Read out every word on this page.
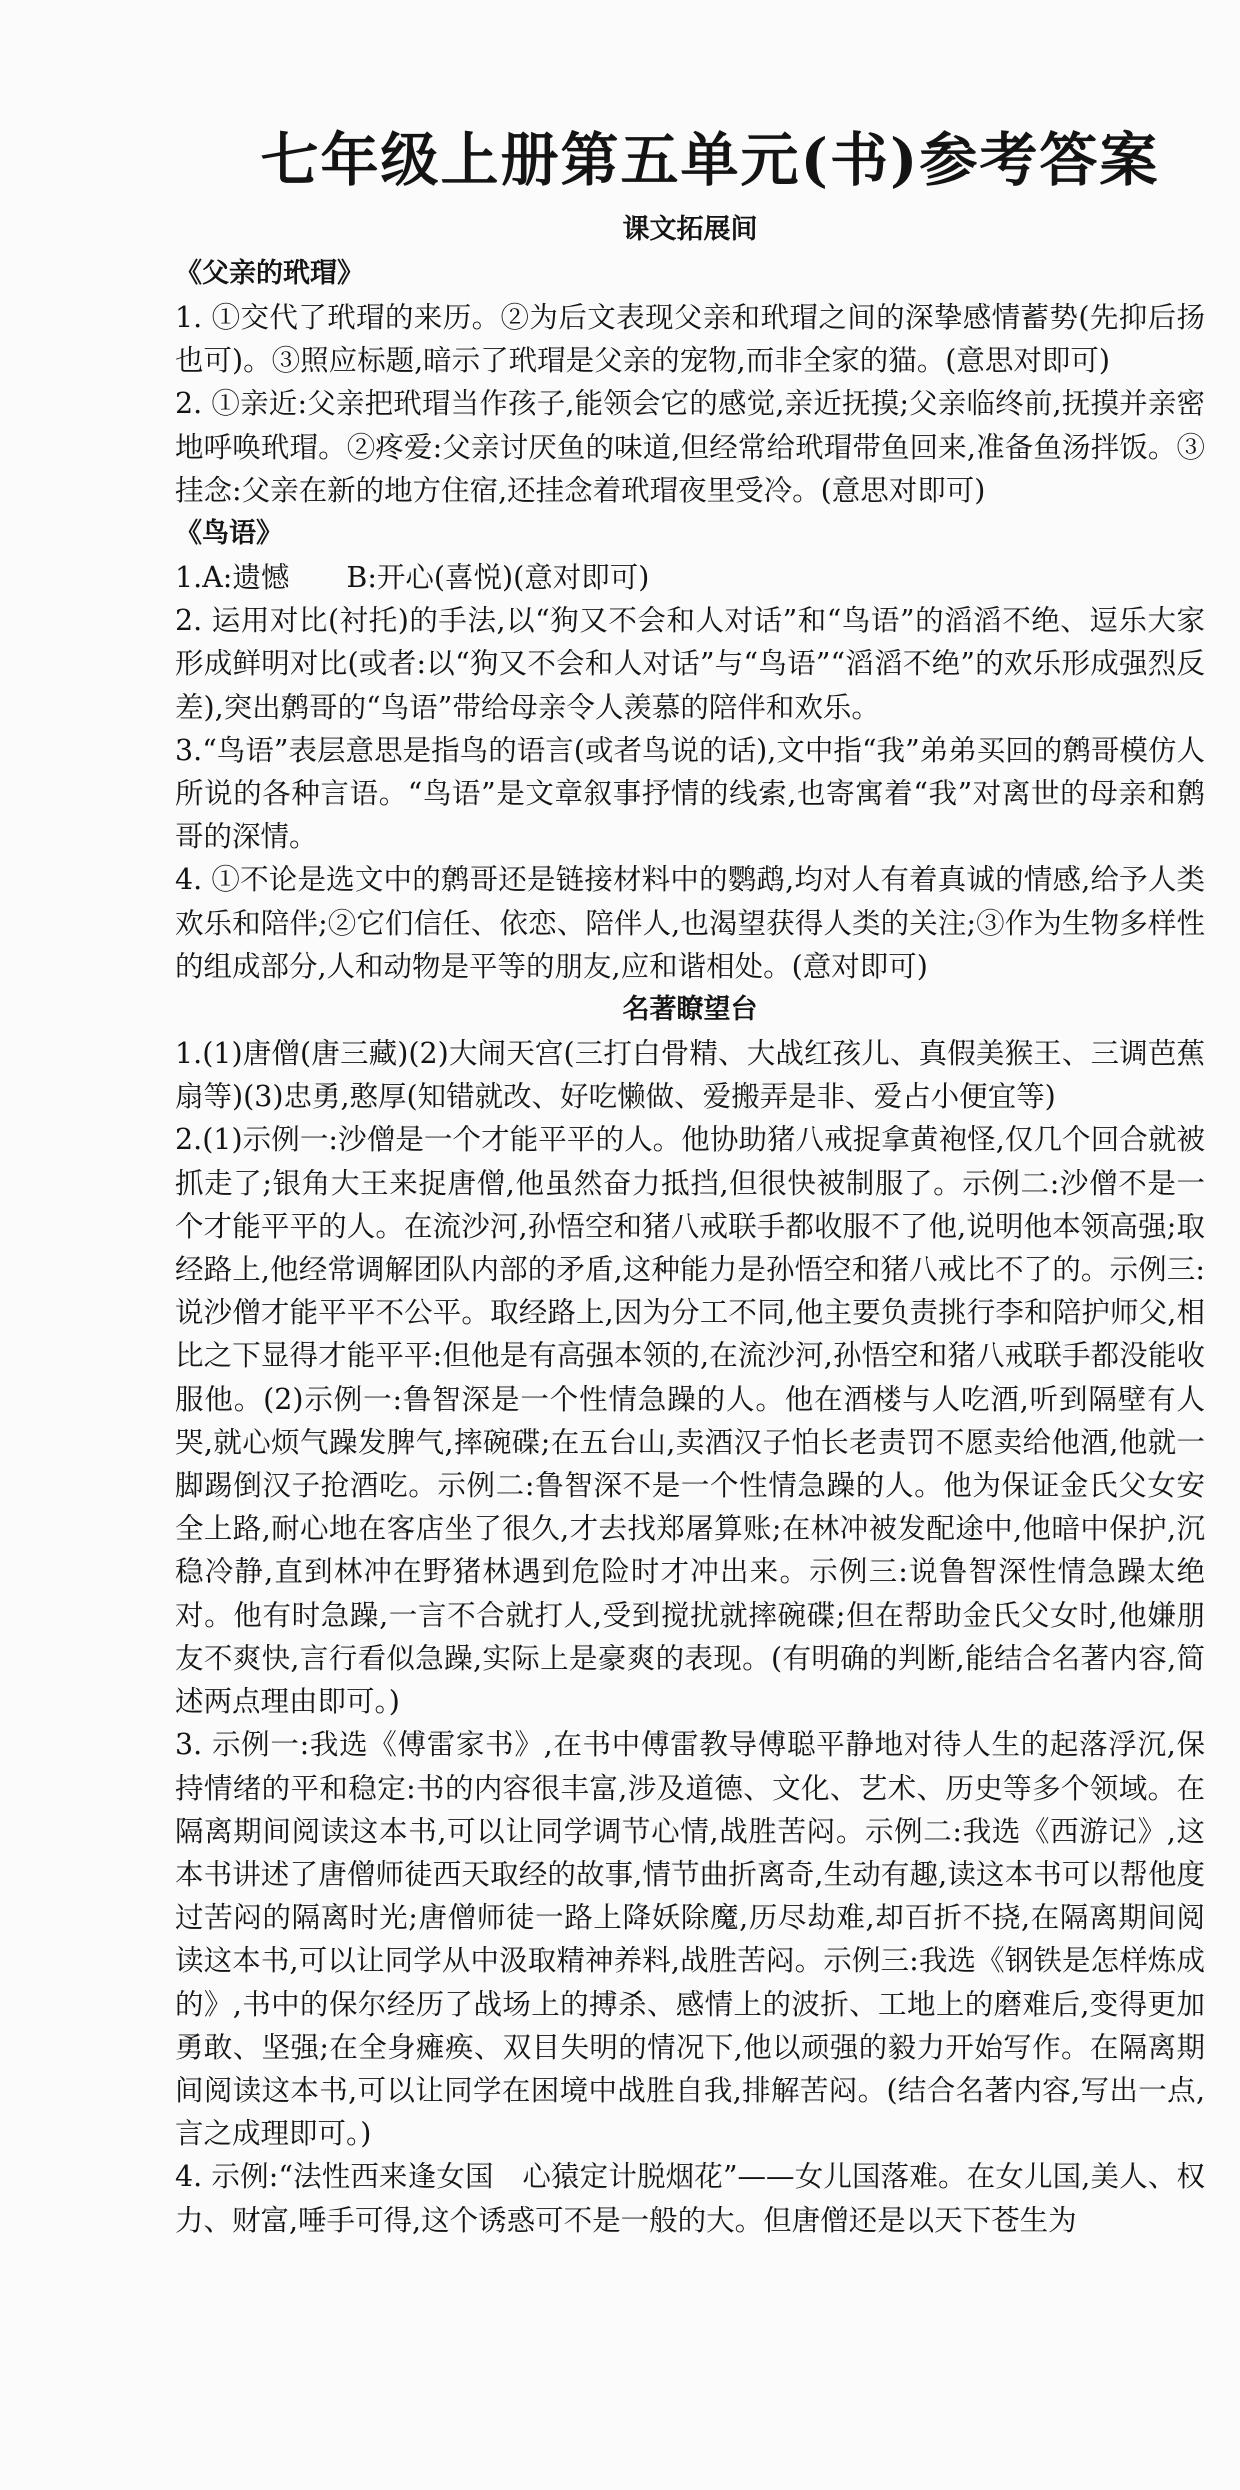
七年级上册第五单元(书)参考答案
课文拓展间
《父亲的玳瑁》

1. ①交代了玳瑁的来历。②为后文表现父亲和玳瑁之间的深挚感情蓄势(先抑后扬也可)。③照应标题,暗示了玳瑁是父亲的宠物,而非全家的猫。(意思对即可)

2. ①亲近:父亲把玳瑁当作孩子,能领会它的感觉,亲近抚摸;父亲临终前,抚摸并亲密地呼唤玳瑁。②疼爱:父亲讨厌鱼的味道,但经常给玳瑁带鱼回来,准备鱼汤拌饭。③挂念:父亲在新的地方住宿,还挂念着玳瑁夜里受冷。(意思对即可)

《鸟语》

1.A:遗憾　　B:开心(喜悦)(意对即可)

2. 运用对比(衬托)的手法,以“狗又不会和人对话”和“鸟语”的滔滔不绝、逗乐大家形成鲜明对比(或者:以“狗又不会和人对话”与“鸟语”“滔滔不绝”的欢乐形成强烈反差),突出鹩哥的“鸟语”带给母亲令人羡慕的陪伴和欢乐。

3.“鸟语”表层意思是指鸟的语言(或者鸟说的话),文中指“我”弟弟买回的鹩哥模仿人所说的各种言语。“鸟语”是文章叙事抒情的线索,也寄寓着“我”对离世的母亲和鹩哥的深情。

4. ①不论是选文中的鹩哥还是链接材料中的鹦鹉,均对人有着真诚的情感,给予人类欢乐和陪伴;②它们信任、依恋、陪伴人,也渴望获得人类的关注;③作为生物多样性的组成部分,人和动物是平等的朋友,应和谐相处。(意对即可)

名著瞭望台

1.(1)唐僧(唐三藏)(2)大闹天宫(三打白骨精、大战红孩儿、真假美猴王、三调芭蕉扇等)(3)忠勇,憨厚(知错就改、好吃懒做、爱搬弄是非、爱占小便宜等)

2.(1)示例一:沙僧是一个才能平平的人。他协助猪八戒捉拿黄袍怪,仅几个回合就被抓走了;银角大王来捉唐僧,他虽然奋力抵挡,但很快被制服了。示例二:沙僧不是一个才能平平的人。在流沙河,孙悟空和猪八戒联手都收服不了他,说明他本领高强;取经路上,他经常调解团队内部的矛盾,这种能力是孙悟空和猪八戒比不了的。示例三:说沙僧才能平平不公平。取经路上,因为分工不同,他主要负责挑行李和陪护师父,相比之下显得才能平平:但他是有高强本领的,在流沙河,孙悟空和猪八戒联手都没能收服他。(2)示例一:鲁智深是一个性情急躁的人。他在酒楼与人吃酒,听到隔壁有人哭,就心烦气躁发脾气,摔碗碟;在五台山,卖酒汉子怕长老责罚不愿卖给他酒,他就一脚踢倒汉子抢酒吃。示例二:鲁智深不是一个性情急躁的人。他为保证金氏父女安全上路,耐心地在客店坐了很久,才去找郑屠算账;在林冲被发配途中,他暗中保护,沉稳冷静,直到林冲在野猪林遇到危险时才冲出来。示例三:说鲁智深性情急躁太绝对。他有时急躁,一言不合就打人,受到搅扰就摔碗碟;但在帮助金氏父女时,他嫌朋友不爽快,言行看似急躁,实际上是豪爽的表现。(有明确的判断,能结合名著内容,简述两点理由即可。)

3. 示例一:我选《傅雷家书》,在书中傅雷教导傅聪平静地对待人生的起落浮沉,保持情绪的平和稳定:书的内容很丰富,涉及道德、文化、艺术、历史等多个领域。在隔离期间阅读这本书,可以让同学调节心情,战胜苦闷。示例二:我选《西游记》,这本书讲述了唐僧师徒西天取经的故事,情节曲折离奇,生动有趣,读这本书可以帮他度过苦闷的隔离时光;唐僧师徒一路上降妖除魔,历尽劫难,却百折不挠,在隔离期间阅读这本书,可以让同学从中汲取精神养料,战胜苦闷。示例三:我选《钢铁是怎样炼成的》,书中的保尔经历了战场上的搏杀、感情上的波折、工地上的磨难后,变得更加勇敢、坚强;在全身瘫痪、双目失明的情况下,他以顽强的毅力开始写作。在隔离期间阅读这本书,可以让同学在困境中战胜自我,排解苦闷。(结合名著内容,写出一点,言之成理即可。)

4. 示例:“法性西来逢女国　心猿定计脱烟花”——女儿国落难。在女儿国,美人、权力、财富,唾手可得,这个诱惑可不是一般的大。但唐僧还是以天下苍生为
